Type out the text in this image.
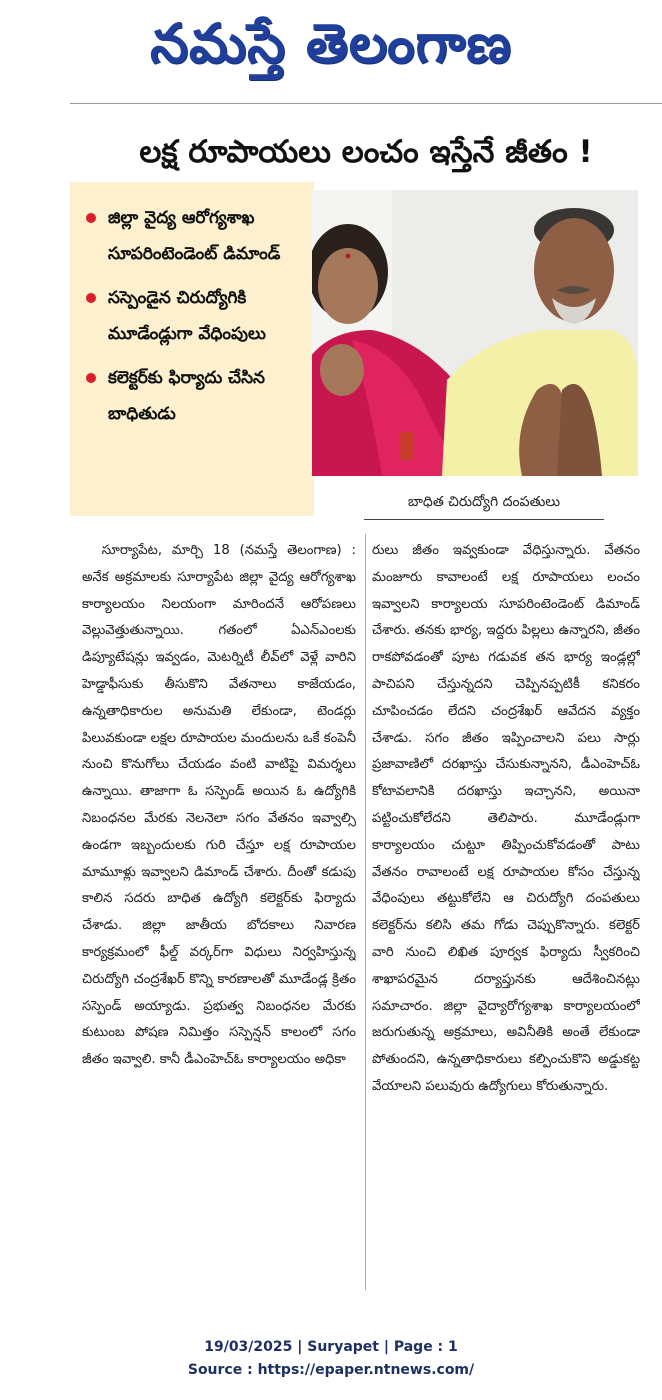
నమస్తే తెలంగాణ
లక్ష రూపాయలు లంచం ఇస్తేనే జీతం !
జిల్లా వైద్య ఆరోగ్యశాఖ సూపరింటెండెంట్ డిమాండ్
సస్పెండైన చిరుద్యోగికి మూడేండ్లుగా వేధింపులు
కలెక్టర్‌కు ఫిర్యాదు చేసిన బాధితుడు
బాధిత చిరుద్యోగి దంపతులు
సూర్యాపేట, మార్చి 18 (నమస్తే తెలంగాణ) : అనేక అక్రమాలకు సూర్యాపేట జిల్లా వైద్య ఆరోగ్యశాఖ కార్యాలయం నిలయంగా మారిందనే ఆరోపణలు వెల్లువెత్తుతున్నాయి. గతంలో ఏఎన్ఎంలకు డిప్యూటేషన్లు ఇవ్వడం, మెటర్నిటీ లీవ్‌లో వెళ్లే వారిని హెడ్డాఫీసుకు తీసుకొని వేతనాలు కాజేయడం, ఉన్నతాధికారుల అనుమతి లేకుండా, టెండర్లు పిలువకుండా లక్షల రూపాయల మందులను ఒకే కంపెనీ నుంచి కొనుగోలు చేయడం వంటి వాటిపై విమర్శలు ఉన్నాయి. తాజాగా ఓ సస్పెండ్ అయిన ఓ ఉద్యోగికి నిబంధనల మేరకు నెలనెలా సగం వేతనం ఇవ్వాల్సి ఉండగా ఇబ్బందులకు గురి చేస్తూ లక్ష రూపాయల మామూళ్లు ఇవ్వాలని డిమాండ్ చేశారు. దీంతో కడుపు కాలిన సదరు బాధిత ఉద్యోగి కలెక్టర్‌కు ఫిర్యాదు చేశాడు. జిల్లా జాతీయ బోదకాలు నివారణ కార్యక్రమంలో ఫీల్డ్ వర్కర్‌గా విధులు నిర్వహిస్తున్న చిరుద్యోగి చంద్రశేఖర్ కొన్ని కారణాలతో మూడేండ్ల క్రితం సస్పెండ్ అయ్యాడు. ప్రభుత్వ నిబంధనల మేరకు కుటుంబ పోషణ నిమిత్తం సస్పెన్షన్ కాలంలో సగం జీతం ఇవ్వాలి. కానీ డీఎంహెచ్ఓ కార్యాలయం అధికా
రులు జీతం ఇవ్వకుండా వేధిస్తున్నారు. వేతనం మంజూరు కావాలంటే లక్ష రూపాయలు లంచం ఇవ్వాలని కార్యాలయ సూపరింటెండెంట్ డిమాండ్ చేశారు. తనకు భార్య, ఇద్దరు పిల్లలు ఉన్నారని, జీతం రాకపోవడంతో పూట గడువక తన భార్య ఇండ్లల్లో పాచిపని చేస్తున్నదని చెప్పినప్పటికీ కనికరం చూపించడం లేదని చంద్రశేఖర్ ఆవేదన వ్యక్తం చేశాడు. సగం జీతం ఇప్పించాలని పలు సార్లు ప్రజావాణిలో దరఖాస్తు చేసుకున్నానని, డీఎంహెచ్ఓ కోటావలానికి దరఖాస్తు ఇచ్చానని, అయినా పట్టించుకోలేదని తెలిపారు. మూడేండ్లుగా కార్యాలయం చుట్టూ తిప్పించుకోవడంతో పాటు వేతనం రావాలంటే లక్ష రూపాయల కోసం చేస్తున్న వేధింపులు తట్టుకోలేని ఆ చిరుద్యోగి దంపతులు కలెక్టర్‌ను కలిసి తమ గోడు చెప్పుకొన్నారు. కలెక్టర్ వారి నుంచి లిఖిత పూర్వక ఫిర్యాదు స్వీకరించి శాఖాపరమైన దర్యాప్తునకు ఆదేశించినట్లు సమాచారం. జిల్లా వైద్యారోగ్యశాఖ కార్యాలయంలో జరుగుతున్న అక్రమాలు, అవినీతికి అంతే లేకుండా పోతుందని, ఉన్నతాధికారులు కల్పించుకొని అడ్డుకట్ట వేయాలని పలువురు ఉద్యోగులు కోరుతున్నారు.
19/03/2025 | Suryapet | Page : 1
Source : https://epaper.ntnews.com/
